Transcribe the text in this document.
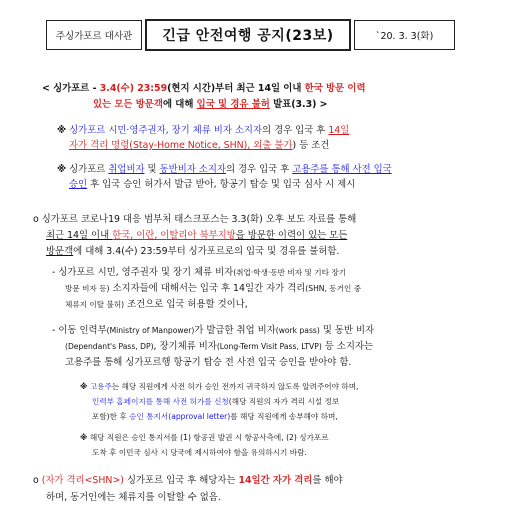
주싱가포르 대사관 긴급 안전여행 공지(23보)	`20. 3. 3(화)
< 싱가포르 - 3.4(수) 23:59(현지 시간)부터 최근 14일 이내 한국 방문 이력
있는 모든 방문객에 대해 입국 및 경유 불허 발표(3.3) >
※ 싱가포르 시민·영주권자, 장기 체류 비자 소지자의 경우 입국 후 14일
자가 격리 명령(Stay-Home Notice, SHN), 외출 불가) 등 조건
※ 싱가포르 취업비자 및 동반비자 소지자의 경우 입국 후 고용주를 통해 사전 입국
승인 후 입국 승인 허가서 발급 받아, 항공기 탑승 및 입국 심사 시 제시
o 싱가포르 코로나19 대응 범부처 태스크포스는 3.3(화) 오후 보도 자료를 통해
최근 14일 이내 한국, 이란, 이탈리아 북부지방을 방문한 이력이 있는 모든
방문객에 대해 3.4(수) 23:59부터 싱가포르로의 입국 및 경유를 불허함.
- 싱가포르 시민, 영주권자 및 장기 체류 비자(취업·학생·동반 비자 및 기타 장기
방문 비자 등) 소지자들에 대해서는 입국 후 14일간 자가 격리(SHN, 동거인 중
체류지 이탈 불허) 조건으로 입국 허용할 것이나,
- 이동 인력부(Ministry of Manpower)가 발급한 취업 비자(work pass) 및 동반 비자
(Dependant's Pass, DP), 장기체류 비자(Long-Term Visit Pass, LTVP) 등 소지자는
고용주를 통해 싱가포르행 항공기 탑승 전 사전 입국 승인을 받아야 함.
※ 고용주는 해당 직원에게 사전 허가 승인 전까지 귀국하지 않도록 알려주어야 하며,
인력부 홈페이지를 통해 사전 허가를 신청(해당 직원의 자가 격리 시설 정보
포함)한 후 승인 통지서(approval letter)를 해당 직원에게 송부해야 하며,
※ 해당 직원은 승인 통지서를 (1) 항공권 발권 시 항공사측에, (2) 싱가포르
도착 후 이민국 심사 시 당국에 제시하여야 함을 유의하시기 바람.
o (자가 격리<SHN>) 싱가포르 입국 후 해당자는 14일간 자가 격리를 해야
하며, 동거인에는 체류지를 이탈할 수 없음.
